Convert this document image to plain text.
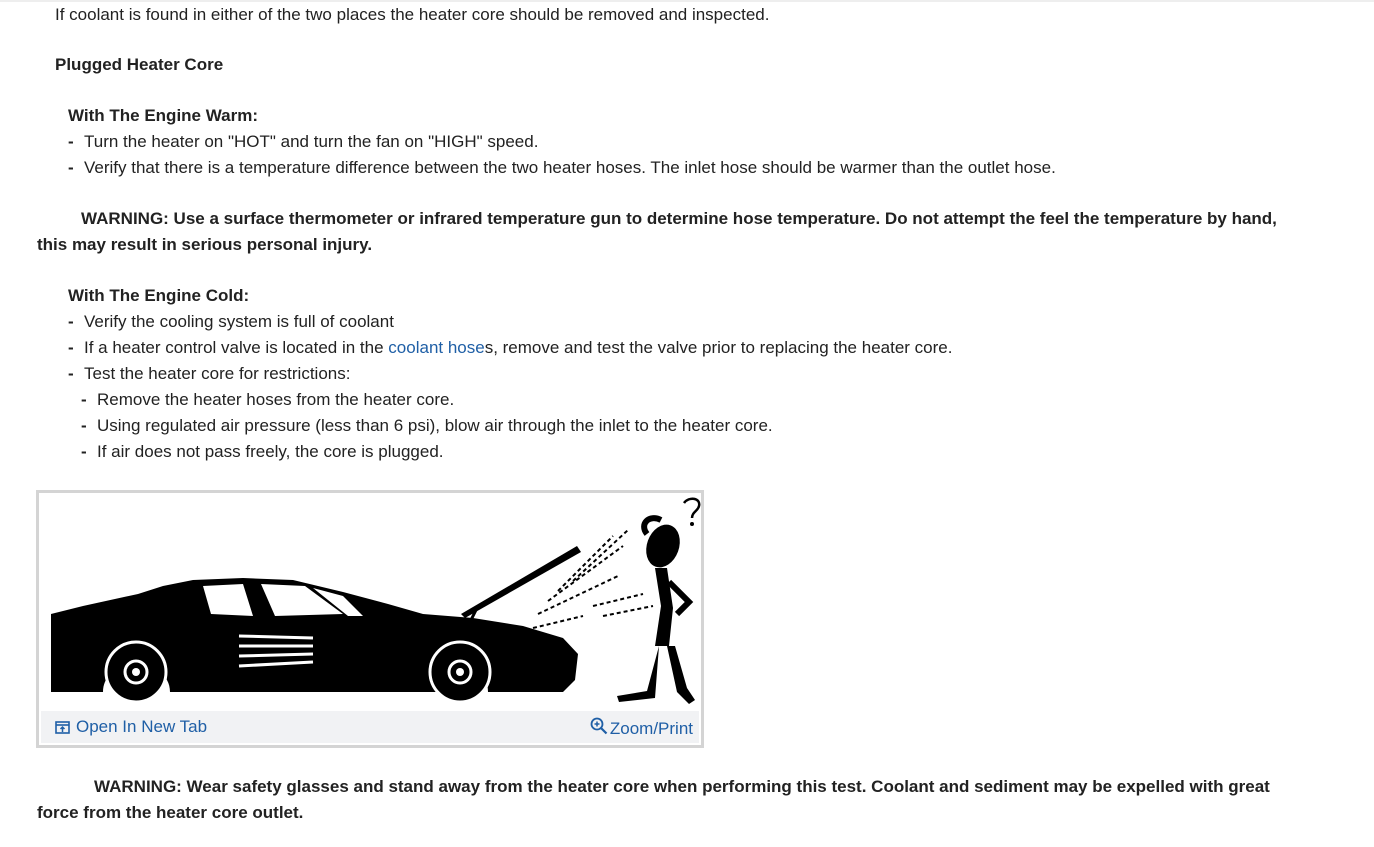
If coolant is found in either of the two places the heater core should be removed and inspected.
Plugged Heater Core
With The Engine Warm:
- Turn the heater on "HOT" and turn the fan on "HIGH" speed.
- Verify that there is a temperature difference between the two heater hoses. The inlet hose should be warmer than the outlet hose.
WARNING: Use a surface thermometer or infrared temperature gun to determine hose temperature. Do not attempt the feel the temperature by hand,
this may result in serious personal injury.
With The Engine Cold:
- Verify the cooling system is full of coolant
- If a heater control valve is located in the coolant hoses, remove and test the valve prior to replacing the heater core.
- Test the heater core for restrictions:
- Remove the heater hoses from the heater core.
- Using regulated air pressure (less than 6 psi), blow air through the inlet to the heater core.
- If air does not pass freely, the core is plugged.
Open In New Tab	Zoom/Print
WARNING: Wear safety glasses and stand away from the heater core when performing this test. Coolant and sediment may be expelled with great
force from the heater core outlet.
